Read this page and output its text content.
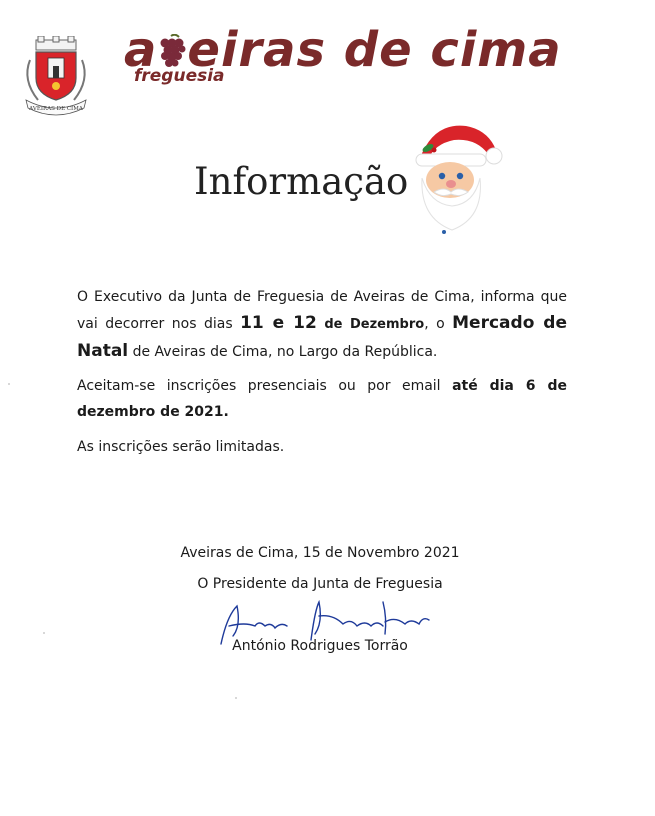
AVEIRAS DE CIMA
a eiras de cima
freguesia
Informação
O Executivo da Junta de Freguesia de Aveiras de Cima, informa que vai decorrer nos dias 11 e 12 de Dezembro, o Mercado de Natal de Aveiras de Cima, no Largo da República.
Aceitam-se inscrições presenciais ou por email até dia 6 de dezembro de 2021.
As inscrições serão limitadas.
Aveiras de Cima, 15 de Novembro 2021
O Presidente da Junta de Freguesia
António Rodrigues Torrão
